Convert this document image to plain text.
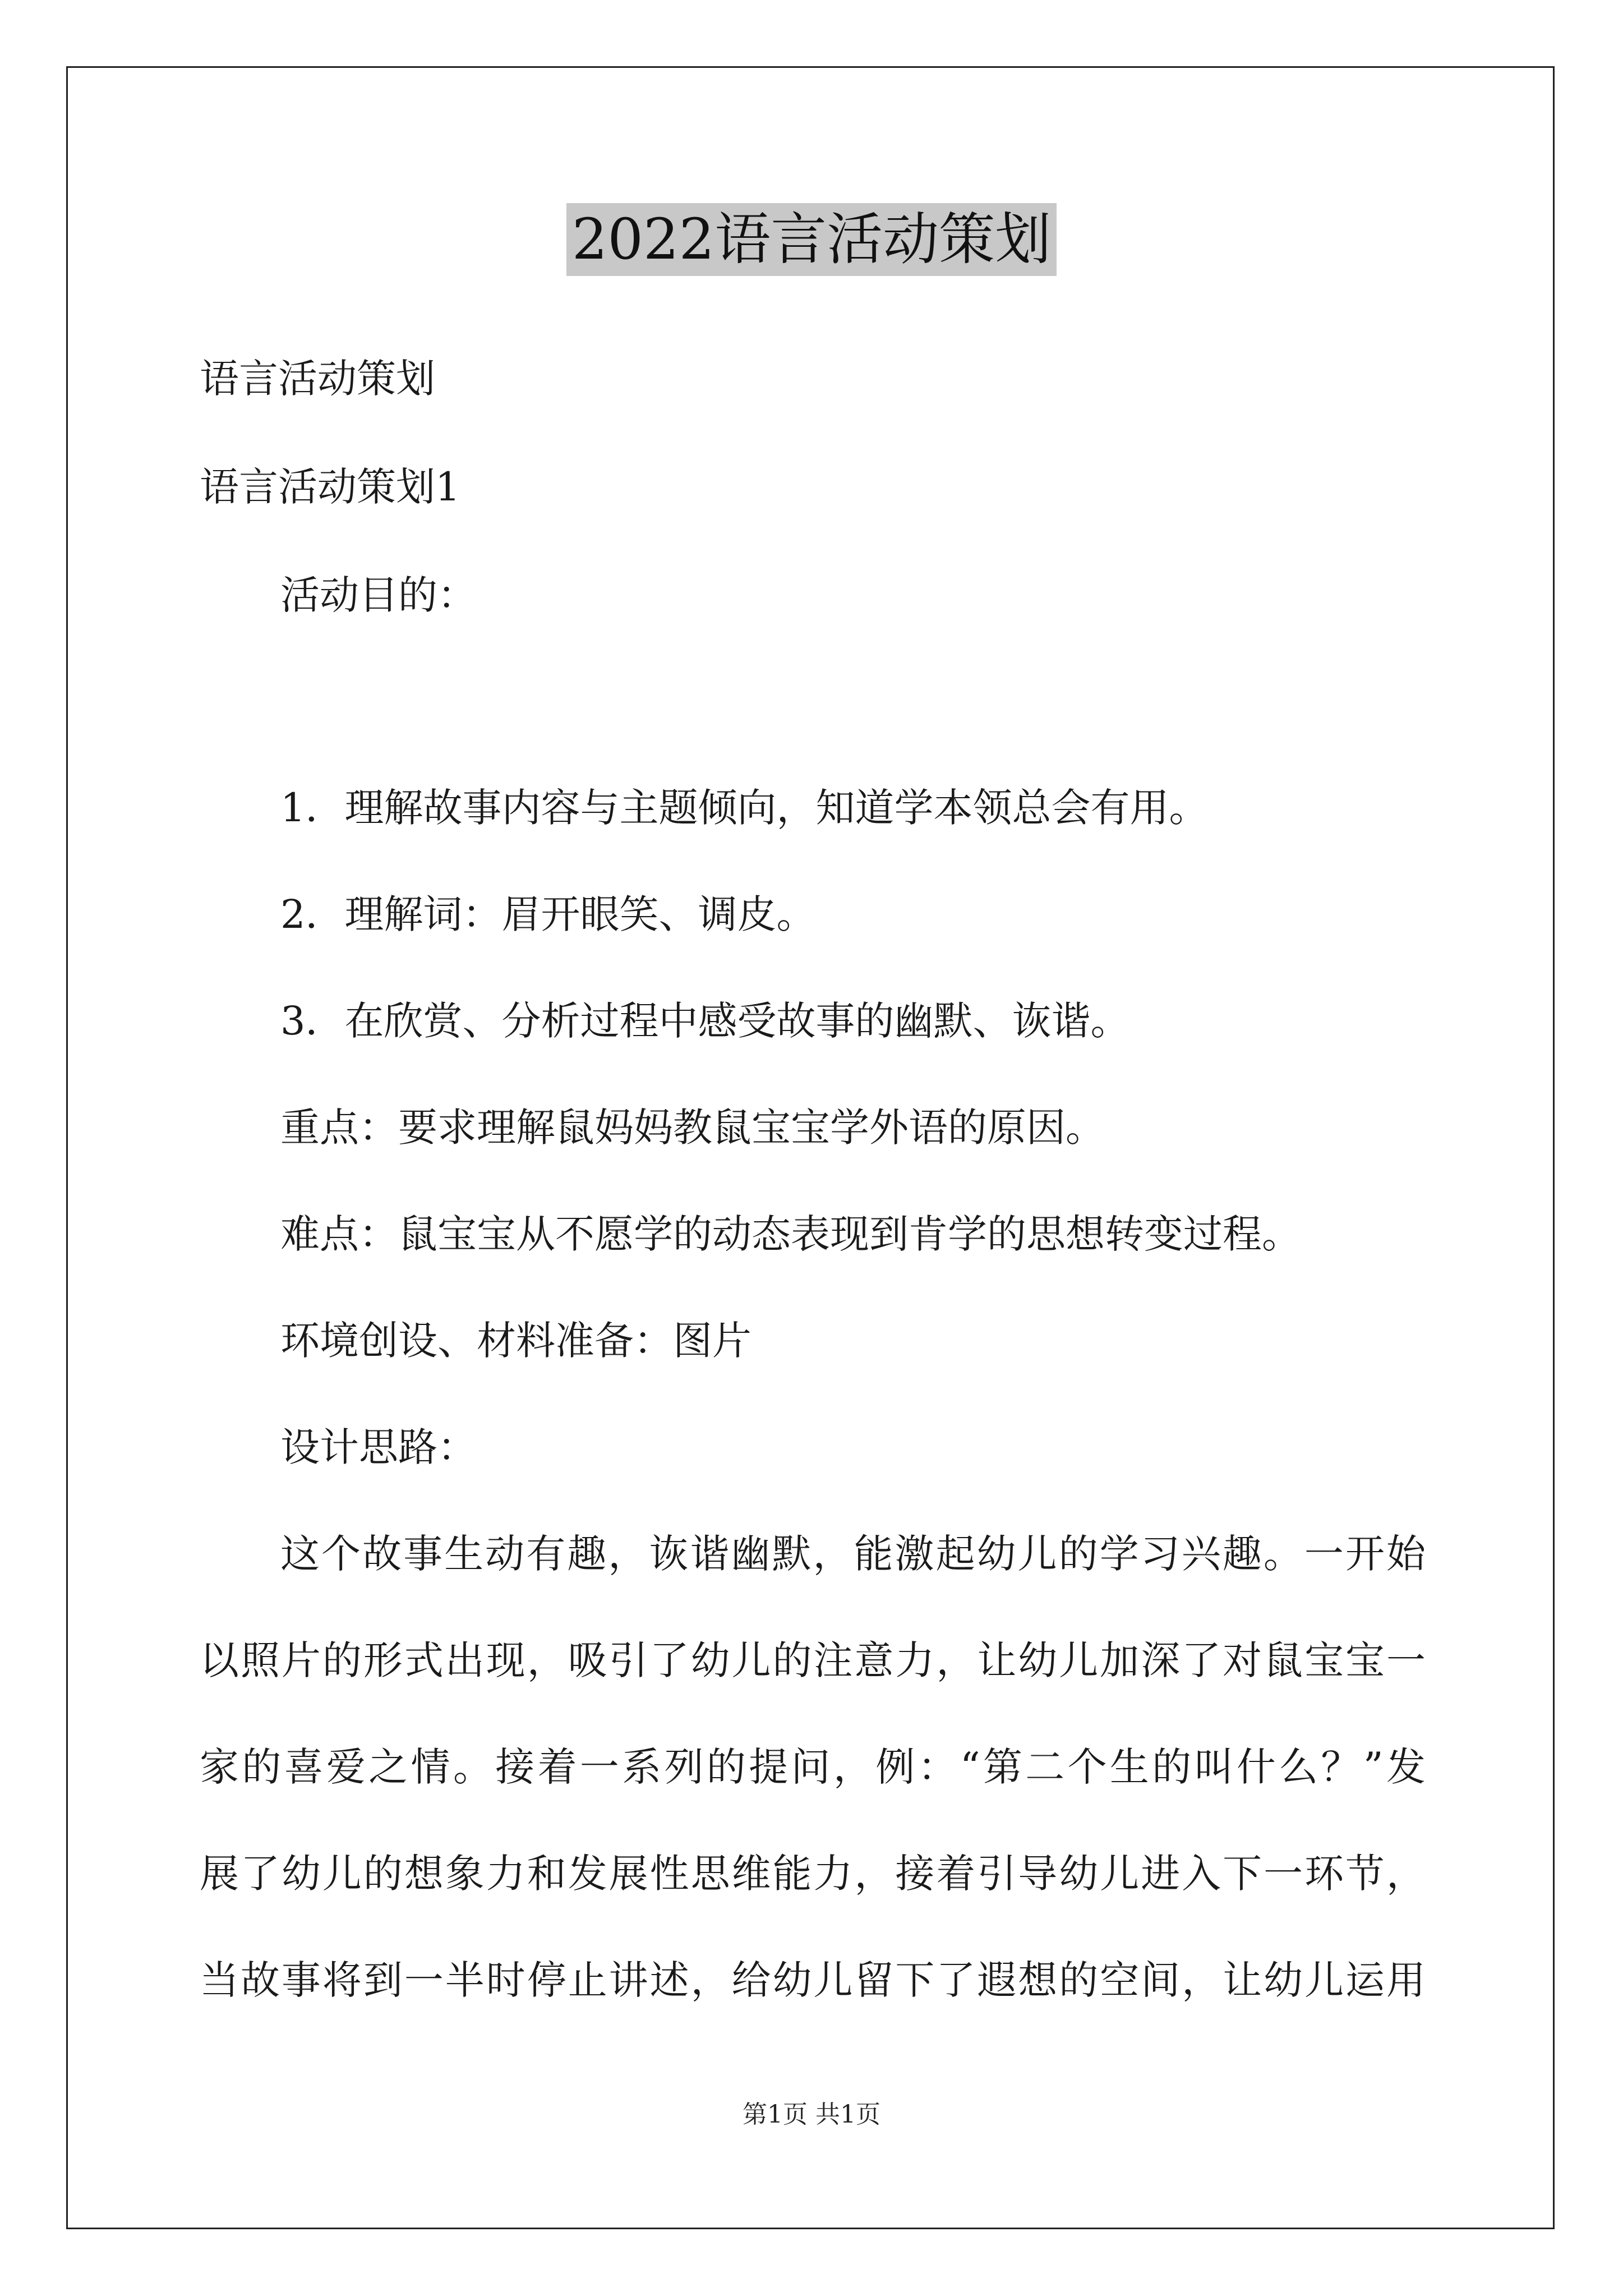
2022语言活动策划
语言活动策划
语言活动策划1
活动目的：
1．理解故事内容与主题倾向，知道学本领总会有用。
2．理解词：眉开眼笑、调皮。
3．在欣赏、分析过程中感受故事的幽默、诙谐。
重点：要求理解鼠妈妈教鼠宝宝学外语的原因。
难点：鼠宝宝从不愿学的动态表现到肯学的思想转变过程。
环境创设、材料准备：图片
设计思路：
这个故事生动有趣，诙谐幽默，能激起幼儿的学习兴趣。一开始
以照片的形式出现，吸引了幼儿的注意力，让幼儿加深了对鼠宝宝一
家的喜爱之情。接着一系列的提问，例：“第二个生的叫什么？”发
展了幼儿的想象力和发展性思维能力，接着引导幼儿进入下一环节，
当故事将到一半时停止讲述，给幼儿留下了遐想的空间，让幼儿运用
第1页 共1页
